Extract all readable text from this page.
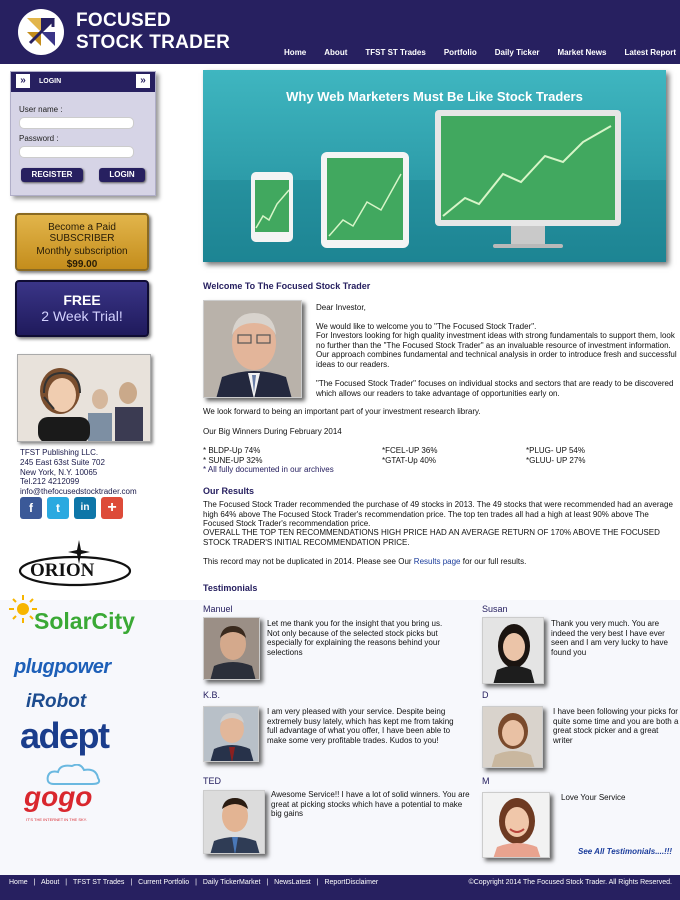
FOCUSED
STOCK TRADER	Home About TFST ST Trades Portfolio Daily Ticker Market News Latest Report
»	LOGIN	»
User name :
Password :
REGISTER	LOGIN
Become a Paid SUBSCRIBER
Monthly subscription
$99.00
FREE
2 Week Trial!
TFST Publishing LLC.
245 East 63st Suite 702
New York, N.Y. 10065
Tel.212 4212099
info@thefocusedstocktrader.com
f	t	in	+
ORION
SolarCity
plugpower
iRobot
adept
gogo
IT'S THE INTERNET IN THE SKY.
Why Web Marketers Must Be Like Stock Traders
Welcome To The Focused Stock Trader
Dear Investor,
We would like to welcome you to "The Focused Stock Trader".
For Investors looking for high quality investment ideas with strong fundamentals to support them, look no further than the "The Focused Stock Trader" as an invaluable resource of investment information. Our approach combines fundamental and technical analysis in order to introduce fresh and successful ideas to our readers.
"The Focused Stock Trader" focuses on individual stocks and sectors that are ready to be discovered which allows our readers to take advantage of opportunities early on.
We look forward to being an important part of your investment research library.
Our Big Winners During February 2014
* BLDP-Up 74%	*FCEL-UP 36%	*PLUG- UP 54%
* SUNE-UP 32%	*GTAT-Up 40%	*GLUU- UP 27%
* All fully documented in our archives
Our Results
The Focused Stock Trader recommended the purchase of 49 stocks in 2013. The 49 stocks that were recommended had an average high 64% above The Focused Stock Trader's recommendation price. The top ten trades all had a high at least 90% above The Focused Stock Trader's recommendation price.
OVERALL THE TOP TEN RECOMMENDATIONS HIGH PRICE HAD AN AVERAGE RETURN OF 170% ABOVE THE FOCUSED STOCK TRADER'S INITIAL RECOMMENDATION PRICE.
This record may not be duplicated in 2014. Please see Our Results page for our full results.
Testimonials
Manuel
Let me thank you for the insight that you bring us. Not only because of the selected stock picks but especially for explaining the reasons behind your selections
Susan
Thank you very much. You are indeed the very best I have ever seen and I am very lucky to have found you
K.B.
I am very pleased with your service. Despite being extremely busy lately, which has kept me from taking full advantage of what you offer, I have been able to make some very profitable trades. Kudos to you!
D
I have been following your picks for quite some time and you are both a great stock picker and a great writer
TED
Awesome Service!! I have a lot of solid winners. You are great at picking stocks which have a potential to make big gains
M
Love Your Service
See All Testimonials....!!!
Home | About | TFST ST Trades | Current Portfolio | Daily TickerMarket | NewsLatest | ReportDisclaimer	©Copyright 2014 The Focused Stock Trader. All Rights Reserved.
